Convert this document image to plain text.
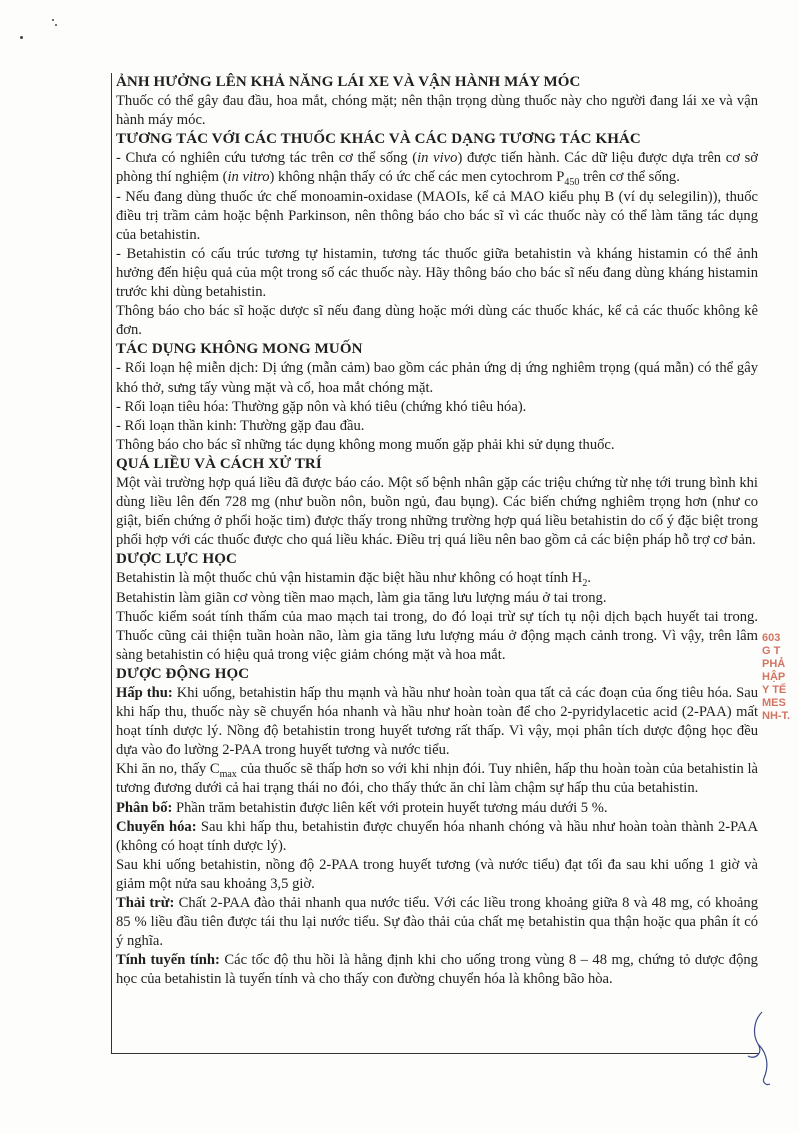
ẢNH HƯỞNG LÊN KHẢ NĂNG LÁI XE VÀ VẬN HÀNH MÁY MÓC

Thuốc có thể gây đau đầu, hoa mắt, chóng mặt; nên thận trọng dùng thuốc này cho người đang lái xe và vận hành máy móc.

TƯƠNG TÁC VỚI CÁC THUỐC KHÁC VÀ CÁC DẠNG TƯƠNG TÁC KHÁC

- Chưa có nghiên cứu tương tác trên cơ thể sống (in vivo) được tiến hành. Các dữ liệu được dựa trên cơ sở phòng thí nghiệm (in vitro) không nhận thấy có ức chế các men cytochrom $P_{450}$ trên cơ thể sống.

- Nếu đang dùng thuốc ức chế monoamin-oxidase (MAOIs, kể cả MAO kiểu phụ B (ví dụ selegilin)), thuốc điều trị trầm cảm hoặc bệnh Parkinson, nên thông báo cho bác sĩ vì các thuốc này có thể làm tăng tác dụng của betahistin.

- Betahistin có cấu trúc tương tự histamin, tương tác thuốc giữa betahistin và kháng histamin có thể ảnh hưởng đến hiệu quả của một trong số các thuốc này. Hãy thông báo cho bác sĩ nếu đang dùng kháng histamin trước khi dùng betahistin.

Thông báo cho bác sĩ hoặc dược sĩ nếu đang dùng hoặc mới dùng các thuốc khác, kể cả các thuốc không kê đơn.

TÁC DỤNG KHÔNG MONG MUỐN

- Rối loạn hệ miễn dịch: Dị ứng (mẫn cảm) bao gồm các phản ứng dị ứng nghiêm trọng (quá mẫn) có thể gây khó thở, sưng tấy vùng mặt và cổ, hoa mắt chóng mặt.

- Rối loạn tiêu hóa: Thường gặp nôn và khó tiêu (chứng khó tiêu hóa).

- Rối loạn thần kinh: Thường gặp đau đầu.

Thông báo cho bác sĩ những tác dụng không mong muốn gặp phải khi sử dụng thuốc.

QUÁ LIỀU VÀ CÁCH XỬ TRÍ

Một vài trường hợp quá liều đã được báo cáo. Một số bệnh nhân gặp các triệu chứng từ nhẹ tới trung bình khi dùng liều lên đến 728 mg (như buồn nôn, buồn ngủ, đau bụng). Các biến chứng nghiêm trọng hơn (như co giật, biến chứng ở phổi hoặc tim) được thấy trong những trường hợp quá liều betahistin do cố ý đặc biệt trong phối hợp với các thuốc được cho quá liều khác. Điều trị quá liều nên bao gồm cả các biện pháp hỗ trợ cơ bản.

DƯỢC LỰC HỌC

Betahistin là một thuốc chủ vận histamin đặc biệt hầu như không có hoạt tính $H_2$.

Betahistin làm giãn cơ vòng tiền mao mạch, làm gia tăng lưu lượng máu ở tai trong.

Thuốc kiểm soát tính thấm của mao mạch tai trong, do đó loại trừ sự tích tụ nội dịch bạch huyết tai trong. Thuốc cũng cải thiện tuần hoàn não, làm gia tăng lưu lượng máu ở động mạch cảnh trong. Vì vậy, trên lâm sàng betahistin có hiệu quả trong việc giảm chóng mặt và hoa mắt.

DƯỢC ĐỘNG HỌC

Hấp thu: Khi uống, betahistin hấp thu mạnh và hầu như hoàn toàn qua tất cả các đoạn của ống tiêu hóa. Sau khi hấp thu, thuốc này sẽ chuyển hóa nhanh và hầu như hoàn toàn để cho 2-pyridylacetic acid (2-PAA) mất hoạt tính dược lý. Nồng độ betahistin trong huyết tương rất thấp. Vì vậy, mọi phân tích dược động học đều dựa vào đo lường 2-PAA trong huyết tương và nước tiểu.

Khi ăn no, thấy $C_{max}$ của thuốc sẽ thấp hơn so với khi nhịn đói. Tuy nhiên, hấp thu hoàn toàn của betahistin là tương đương dưới cả hai trạng thái no đói, cho thấy thức ăn chỉ làm chậm sự hấp thu của betahistin.

Phân bố: Phần trăm betahistin được liên kết với protein huyết tương máu dưới 5 %.

Chuyển hóa: Sau khi hấp thu, betahistin được chuyển hóa nhanh chóng và hầu như hoàn toàn thành 2-PAA (không có hoạt tính dược lý).

Sau khi uống betahistin, nồng độ 2-PAA trong huyết tương (và nước tiểu) đạt tối đa sau khi uống 1 giờ và giảm một nửa sau khoảng 3,5 giờ.

Thải trừ: Chất 2-PAA đào thải nhanh qua nước tiểu. Với các liều trong khoảng giữa 8 và 48 mg, có khoảng 85 % liều đầu tiên được tái thu lại nước tiểu. Sự đào thải của chất mẹ betahistin qua thận hoặc qua phân ít có ý nghĩa.

Tính tuyến tính: Các tốc độ thu hồi là hằng định khi cho uống trong vùng 8 – 48 mg, chứng tỏ dược động học của betahistin là tuyến tính và cho thấy con đường chuyển hóa là không bão hòa.

603
G T
PHẢ
HẬP
Y TẾ
MES
NH-T.
